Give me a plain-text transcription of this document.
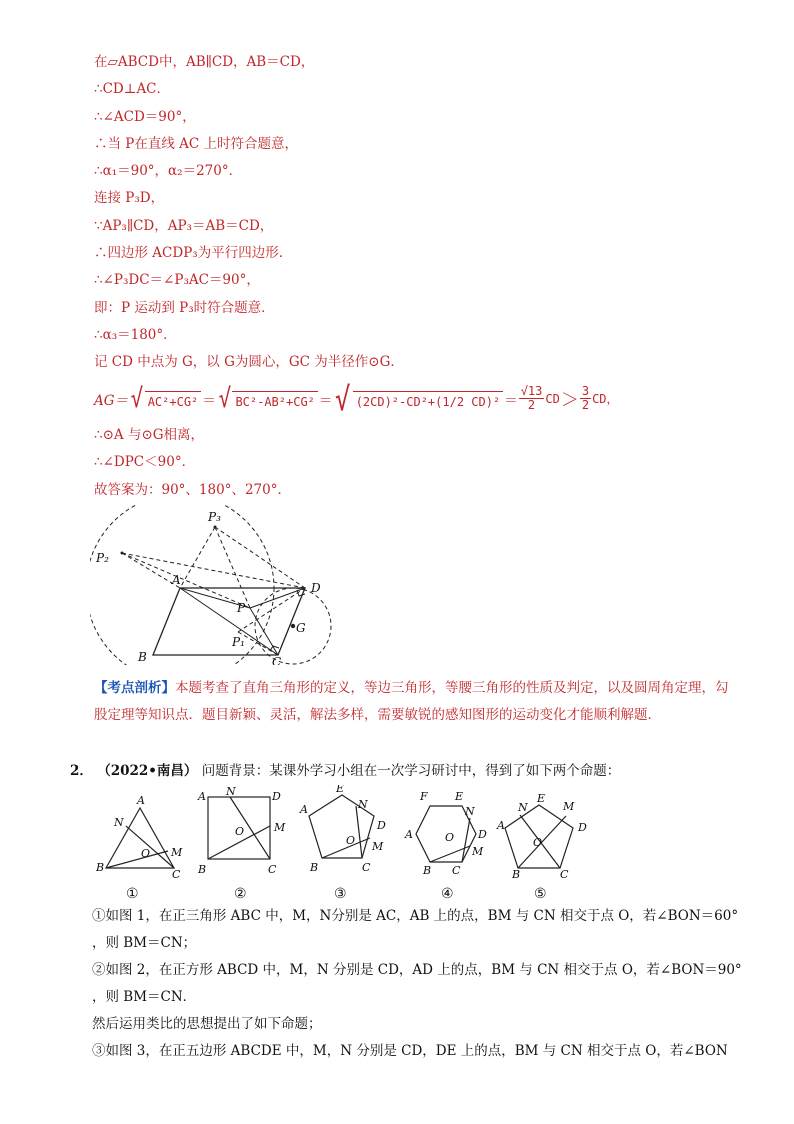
在▱ABCD中，AB∥CD，AB＝CD，
∴CD⊥AC．
∴∠ACD＝90°，
∴当 P在直线 AC 上时符合题意，
∴α₁＝90°，α₂＝270°．
连接 P₃D，
∵AP₃∥CD，AP₃＝AB＝CD，
∴四边形 ACDP₃为平行四边形．
∴∠P₃DC＝∠P₃AC＝90°，
即：P 运动到 P₃时符合题意．
∴α₃＝180°．
记 CD 中点为 G，以 G为圆心，GC 为半径作⊙G．
AG＝ √ AC²+CG² ＝ √ BC²-AB²+CG² ＝ √ (2CD)²-CD²+(1/2 $CD)^2 = \frac{√13}{2}$ CD ＞ $\frac{3}{2}$ CD，
∴⊙A 与⊙G相离，
∴∠DPC＜90°．
故答案为：90°、180°、270°．
P₃
P₂
A
D
P
G
P₁
B	C
【考点剖析】本题考查了直角三角形的定义，等边三角形，等腰三角形的性质及判定，以及圆周角定理，勾股定理等知识点．题目新颖、灵活，解法多样，需要敏锐的感知图形的运动变化才能顺利解题．
2． （2022•南昌） 问题背景：某课外学习小组在一次学习研讨中，得到了如下两个命题：
A
N
O M
B
C
A N	D
M
O
B	C
E
N
D
A
O M
B	C
F E
N
D
A	O
M
B C
N
E
M
D
A
O
B	C
①	②	③	④	⑤
①如图 1，在正三角形 ABC 中，M，N分别是 AC，AB 上的点，BM 与 CN 相交于点 O，若∠BON＝60°
，则 BM＝CN；
②如图 2，在正方形 ABCD 中，M，N 分别是 CD，AD 上的点，BM 与 CN 相交于点 O，若∠BON＝90°
，则 BM＝CN．
然后运用类比的思想提出了如下命题；
③如图 3，在正五边形 ABCDE 中，M，N 分别是 CD，DE 上的点，BM 与 CN 相交于点 O，若∠BON
